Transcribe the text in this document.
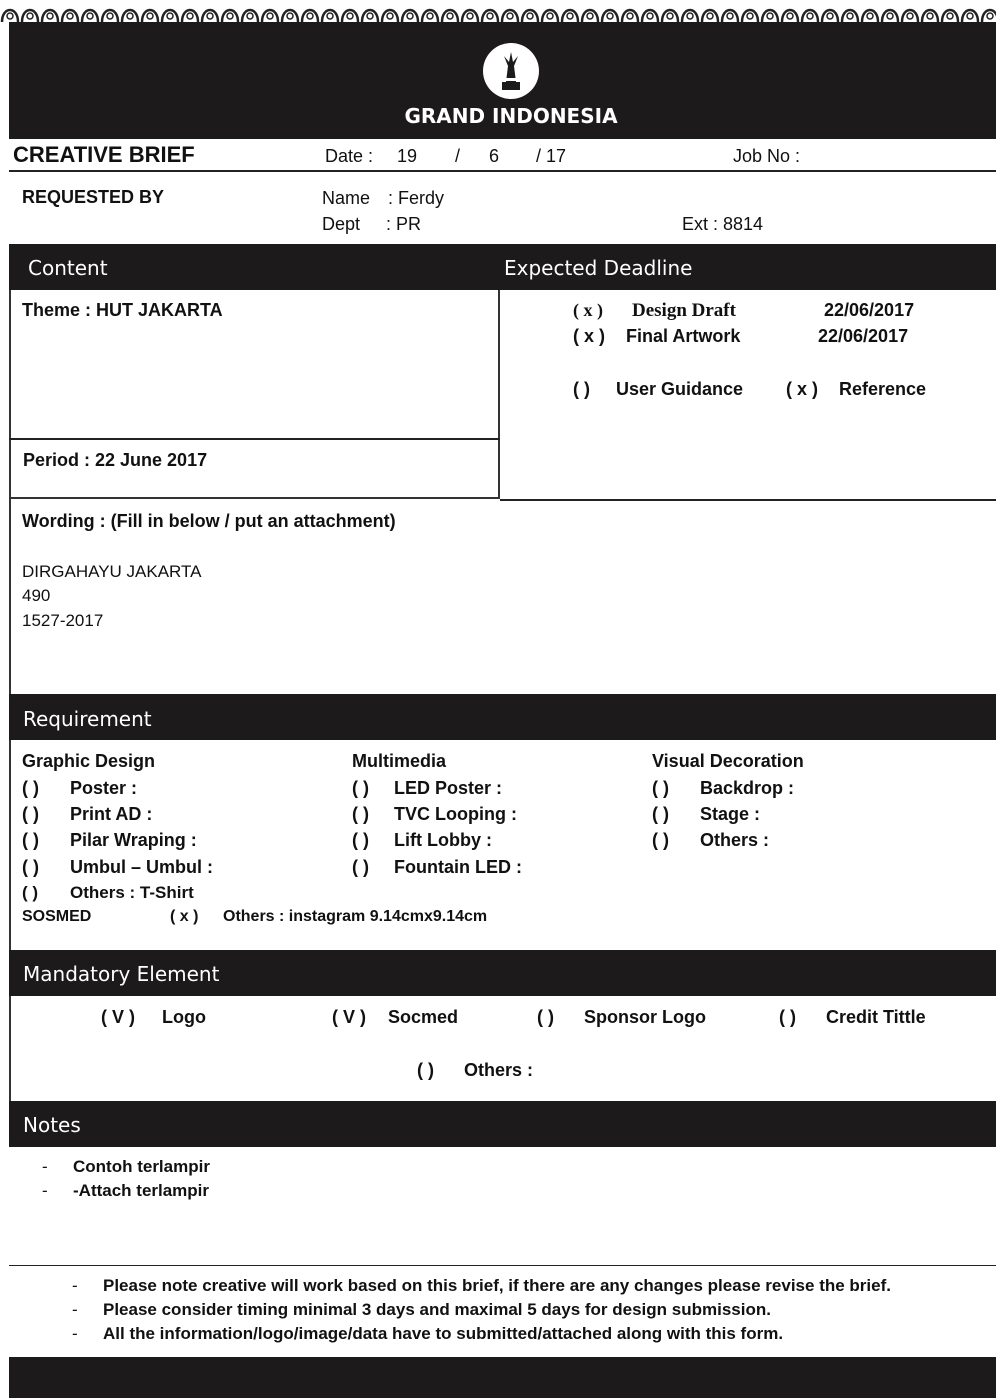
GRAND INDONESIA
CREATIVE BRIEF	Date : 19 / 6 / 17	Job No :
REQUESTED BY	Name : Ferdy
Dept : PR	Ext : 8814
Content	Expected Deadline
Theme : HUT JAKARTA
Period : 22 June 2017
( x ) Design Draft	22/06/2017
( x ) Final Artwork	22/06/2017
( ) User Guidance ( x ) Reference
Wording : (Fill in below / put an attachment)
DIRGAHAYU JAKARTA
490
1527-2017
Requirement
Graphic Design
( ) Poster :
( ) Print AD :
( ) Pilar Wraping :
( ) Umbul – Umbul :
( ) Others : T-Shirt
SOSMED	( x ) Others : instagram 9.14cmx9.14cm
Multimedia
( ) LED Poster :
( ) TVC Looping :
( ) Lift Lobby :
( ) Fountain LED :
Visual Decoration
( ) Backdrop :
( ) Stage :
( ) Others :
Mandatory Element
( V ) Logo	( V ) Socmed	( ) Sponsor Logo	( ) Credit Tittle
( ) Others :
Notes
- Contoh terlampir
- -Attach terlampir
- Please note creative will work based on this brief, if there are any changes please revise the brief.
- Please consider timing minimal 3 days and maximal 5 days for design submission.
- All the information/logo/image/data have to submitted/attached along with this form.
